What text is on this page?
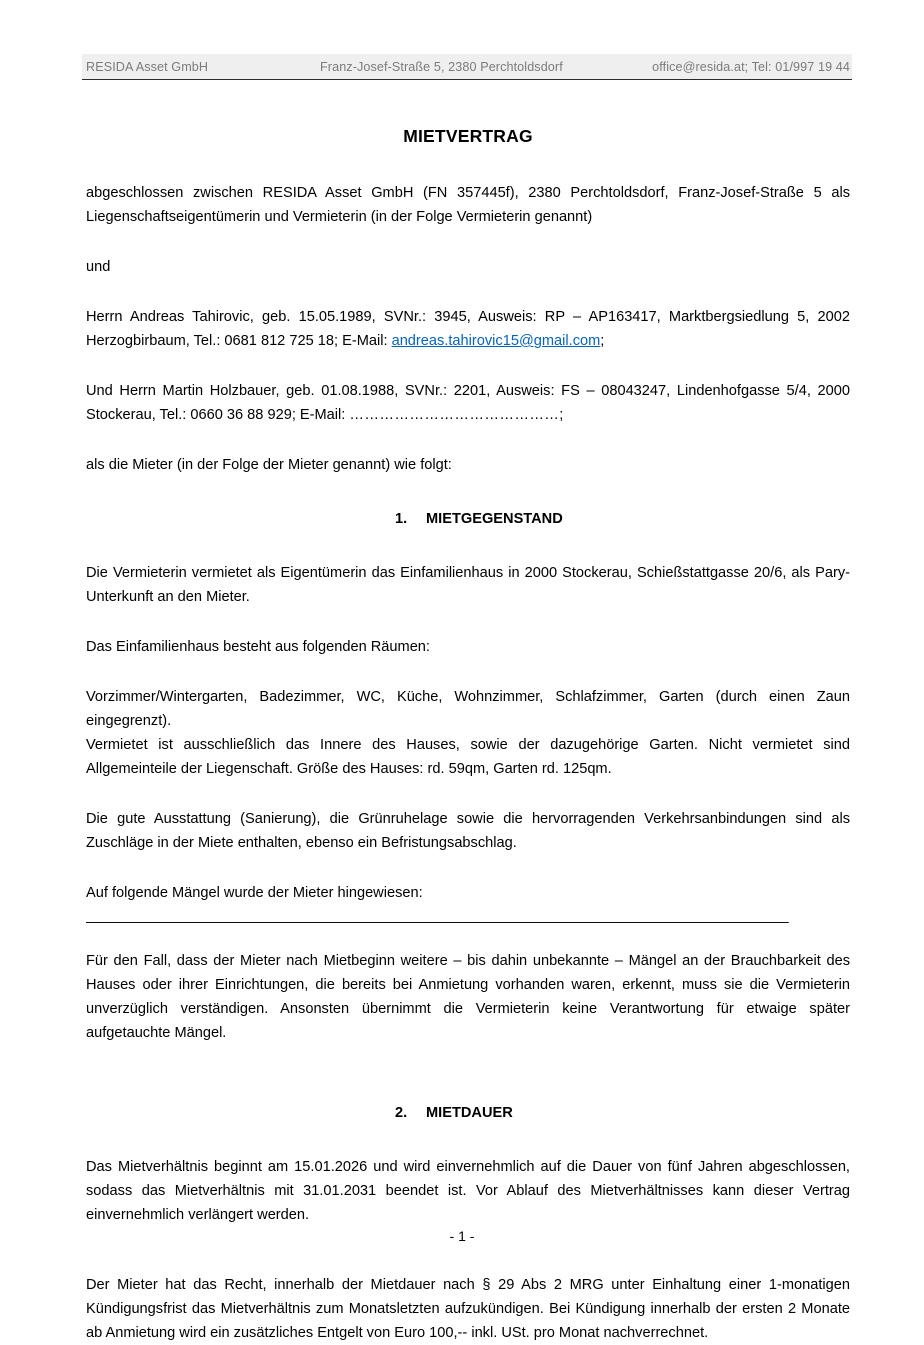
RESIDA Asset GmbH	Franz-Josef-Straße 5, 2380 Perchtoldsdorf	office@resida.at; Tel: 01/997 19 44
MIETVERTRAG

abgeschlossen zwischen RESIDA Asset GmbH (FN 357445f), 2380 Perchtoldsdorf, Franz-Josef-Straße 5 als Liegenschaftseigentümerin und Vermieterin (in der Folge Vermieterin genannt)

und

Herrn Andreas Tahirovic, geb. 15.05.1989, SVNr.: 3945, Ausweis: RP – AP163417, Marktbergsiedlung 5, 2002 Herzogbirbaum, Tel.: 0681 812 725 18; E-Mail: andreas.tahirovic15@gmail.com;

Und Herrn Martin Holzbauer, geb. 01.08.1988, SVNr.: 2201, Ausweis: FS – 08043247, Lindenhofgasse 5/4, 2000 Stockerau, Tel.: 0660 36 88 929; E-Mail: ……………………………………;

als die Mieter (in der Folge der Mieter genannt) wie folgt:

1. MIETGEGENSTAND

Die Vermieterin vermietet als Eigentümerin das Einfamilienhaus in 2000 Stockerau, Schießstattgasse 20/6, als Pary-Unterkunft an den Mieter.

Das Einfamilienhaus besteht aus folgenden Räumen:

Vorzimmer/Wintergarten, Badezimmer, WC, Küche, Wohnzimmer, Schlafzimmer, Garten (durch einen Zaun eingegrenzt).

Vermietet ist ausschließlich das Innere des Hauses, sowie der dazugehörige Garten. Nicht vermietet sind Allgemeinteile der Liegenschaft. Größe des Hauses: rd. 59qm, Garten rd. 125qm.

Die gute Ausstattung (Sanierung), die Grünruhelage sowie die hervorragenden Verkehrsanbindungen sind als Zuschläge in der Miete enthalten, ebenso ein Befristungsabschlag.

Auf folgende Mängel wurde der Mieter hingewiesen:

___________________________________________________________________________________________

Für den Fall, dass der Mieter nach Mietbeginn weitere – bis dahin unbekannte – Mängel an der Brauchbarkeit des Hauses oder ihrer Einrichtungen, die bereits bei Anmietung vorhanden waren, erkennt, muss sie die Vermieterin unverzüglich verständigen. Ansonsten übernimmt die Vermieterin keine Verantwortung für etwaige später aufgetauchte Mängel.

2. MIETDAUER

Das Mietverhältnis beginnt am 15.01.2026 und wird einvernehmlich auf die Dauer von fünf Jahren abgeschlossen, sodass das Mietverhältnis mit 31.01.2031 beendet ist. Vor Ablauf des Mietverhältnisses kann dieser Vertrag einvernehmlich verlängert werden.

Der Mieter hat das Recht, innerhalb der Mietdauer nach § 29 Abs 2 MRG unter Einhaltung einer 1-monatigen Kündigungsfrist das Mietverhältnis zum Monatsletzten aufzukündigen. Bei Kündigung innerhalb der ersten 2 Monate ab Anmietung wird ein zusätzliches Entgelt von Euro 100,-- inkl. USt. pro Monat nachverrechnet.

- 1 -
